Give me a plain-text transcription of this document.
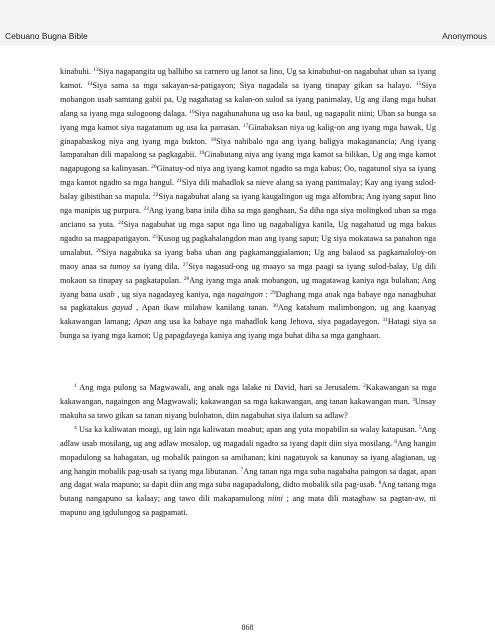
Cebuano Bugna Bible	Anonymous

kinabuhi. $^{13}$Siya nagapangita ug balhibo sa carnero ug lanot sa lino, Ug sa kinabubut-on nagabuhat uban sa iyang kamot. $^{14}$Siya sama sa mga sakayan-sa-patigayon; Siya nagadala sa iyang tinapay gikan sa halayo. $^{15}$Siya mobangon usab samtang gabii pa, Ug nagahatag sa kalan-on sulod sa iyang panimalay, Ug ang ilang mga buhat alang sa iyang mga sulogoong dalaga. $^{16}$Siya nagahunahuna ug usa ka baul, ug nagapalit niini; Uban sa bunga sa iyang mga kamot siya nagatanum ug usa ka parrasan. $^{17}$Ginabaksan niya ug kalig-on ang iyang mga hawak, Ug ginapabaskog niya ang iyang mga bukton. $^{18}$Siya nahibalo nga ang iyang baligya makaganancia; Ang iyang lamparahan dili mapalong sa pagkagabii. $^{19}$Ginabutang niya ang iyang mga kamot sa bilikan, Ug ang mga kamot nagapugong sa kalinyasan. $^{20}$Ginatuy-od niya ang iyang kamot ngadto sa mga kabus; Oo, nagatunol siya sa iyang mga kamot ngadto sa mga hangul. $^{21}$Siya dili mahadlok sa nieve alang sa iyang panimalay; Kay ang iyang sulod-balay gibistihan sa mapula. $^{22}$Siya nagabuhat alang sa iyang kaugalingon ug mga alfombra; Ang iyang saput lino nga manipis ug purpura. $^{23}$Ang iyang bana inila diha sa mga ganghaan, Sa diha nga siya molingkod uban sa mga anciano sa yuta. $^{24}$Siya nagabuhat ug mga saput nga lino ug nagabaligya kanila, Ug nagahatud ug mga bakus ngadto sa magpapatigayon. $^{25}$Kusog ug pagkahalangdon mao ang iyang saput; Ug siya mokatawa sa panahon nga umalabut. $^{26}$Siya nagabuka sa iyang baba uban ang pagkamanggialamon; Ug ang balaod sa pagkamaloloy-on maoy anaa sa tumoy sa iyang dila. $^{27}$Siya nagasud-ong ug maayo sa mga paagi sa iyang sulod-balay, Ug dili mokaon sa tinapay sa pagkatapulan. $^{28}$Ang iyang mga anak mobangon, ug magatawag kaniya nga bulahan; Ang iyang bana usab , ug siya nagadayeg kaniya, nga nagaingon : $^{29}$Daghang mga anak nga babaye nga nanagbuhat sa pagkatakus gayud , Apan ikaw milabaw kanilang tanan. $^{30}$Ang katahum malimbongon, ug ang kaanyag kakawangan lamang; Apan ang usa ka babaye nga mahadlok kang Jehova, siya pagadayegon. $^{31}$Hatagi siya sa bunga sa iyang mga kamot; Ug papagdayega kaniya ang iyang mga buhat diha sa mga ganghaan.

$^1$ Ang mga pulong sa Magwawali, ang anak nga lalake ni David, hari sa Jerusalem. $^2$Kakawangan sa mga kakawangan, nagaingon ang Magwawali; kakawangan sa mga kakawangan, ang tanan kakawangan man. $^3$Unsay makuha sa tawo gikan sa tanan niyang bulohaton, diin nagabuhat siya ilalum sa adlaw?

$^4$ Usa ka kaliwatan moagi, ug lain nga kaliwatan moabut; apan ang yuta mopabilin sa walay katapusan. $^5$Ang adlaw usab mosilang, ug ang adlaw mosalop, ug magadali ngadto sa iyang dapit diin siya mosilang. $^6$Ang hangin mopadulong sa habagatan, ug mobalik paingon sa amihanan; kini nagatuyok sa kanunay sa iyang alagianan, ug ang hangin mobalik pag-usab sa iyang mga libutanan. $^7$Ang tanan nga mga suba nagabaha paingon sa dagat, apan ang dagat wala mapuno; sa dapit diin ang mga suba nagapadulong, didto mobalik sila pag-usab. $^8$Ang tanang mga butang nangapuno sa kalaay; ang tawo dili makapamulong niini ; ang mata dili matagbaw sa pagtan-aw, ni mapuno ang igdulungog sa pagpamati.

868
